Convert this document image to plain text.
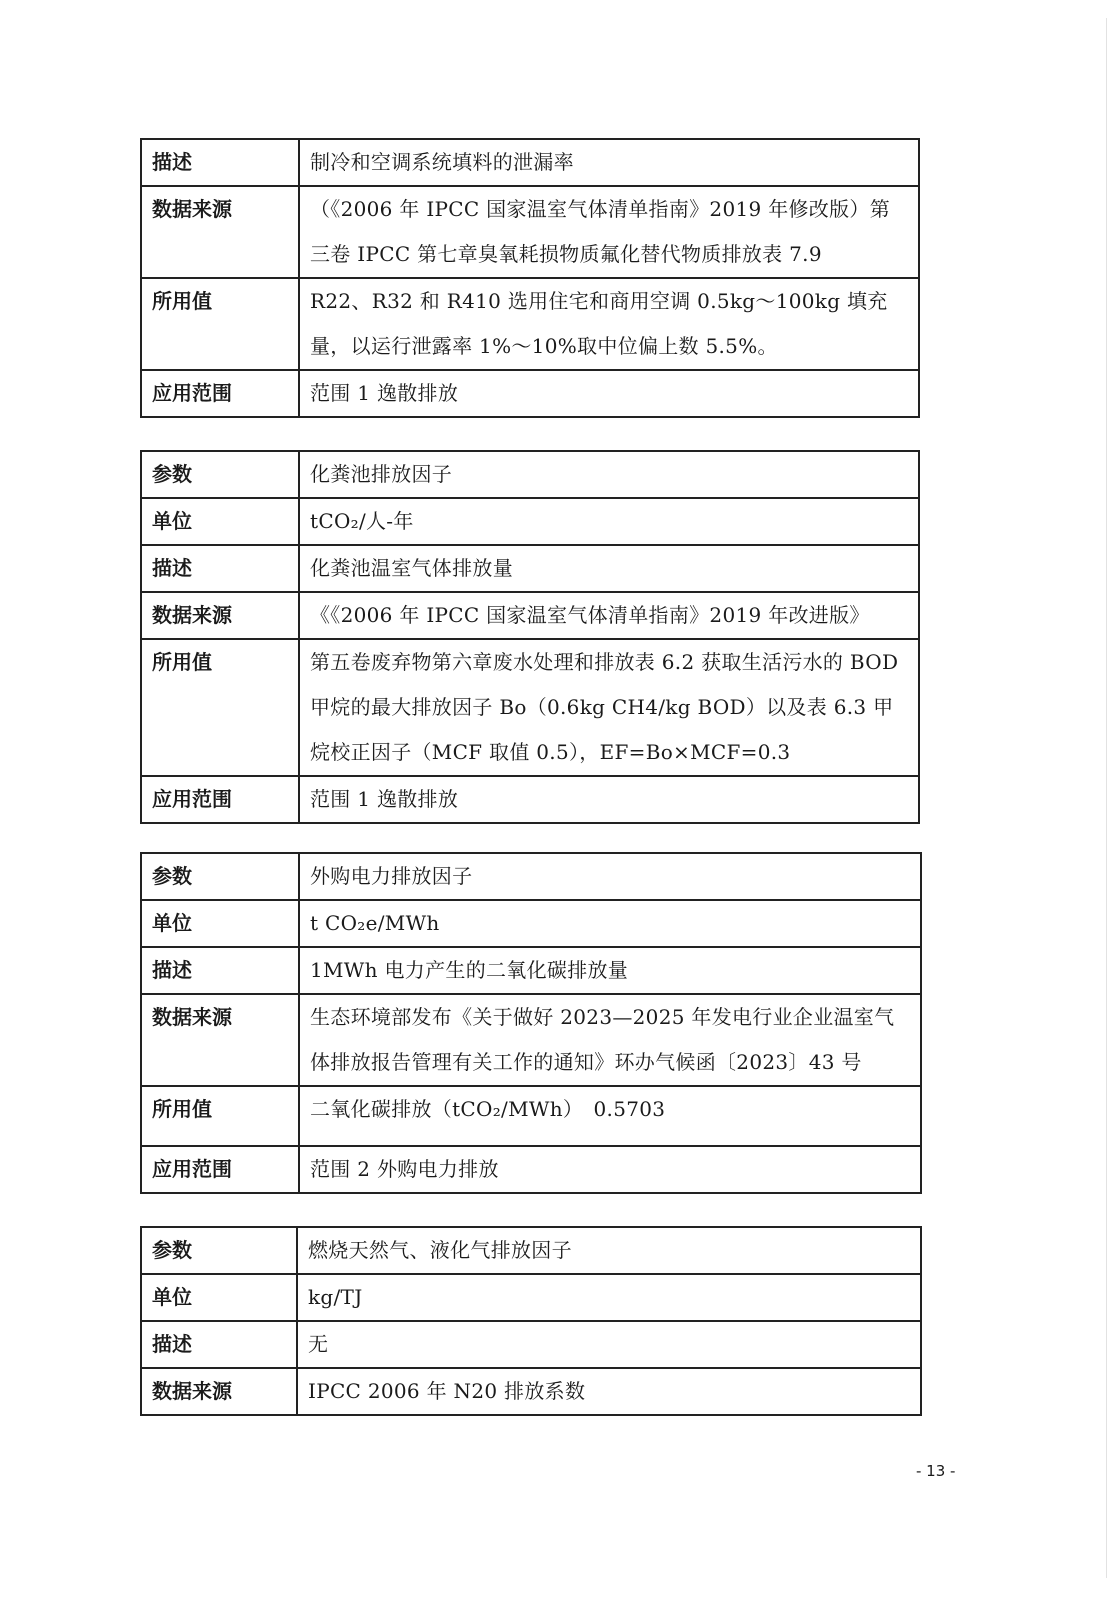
描述	制冷和空调系统填料的泄漏率
数据来源	（《2006 年 IPCC 国家温室气体清单指南》2019 年修改版）第三卷 IPCC 第七章臭氧耗损物质氟化替代物质排放表 7.9
所用值	R22、R32 和 R410 选用住宅和商用空调 0.5kg～100kg 填充量，以运行泄露率 1%～10%取中位偏上数 5.5%。
应用范围	范围 1 逸散排放
参数	化粪池排放因子
单位	tCO₂/人-年
描述	化粪池温室气体排放量
数据来源	《《2006 年 IPCC 国家温室气体清单指南》2019 年改进版》
所用值	第五卷废弃物第六章废水处理和排放表 6.2 获取生活污水的 BOD 甲烷的最大排放因子 Bo（0.6kg CH4/kg BOD）以及表 6.3 甲烷校正因子（MCF 取值 0.5），EF=Bo×MCF=0.3
应用范围	范围 1 逸散排放
参数	外购电力排放因子
单位	t CO₂e/MWh
描述	1MWh 电力产生的二氧化碳排放量
数据来源	生态环境部发布《关于做好 2023—2025 年发电行业企业温室气体排放报告管理有关工作的通知》环办气候函〔2023〕43 号
所用值	二氧化碳排放（tCO₂/MWh）　0.5703
应用范围	范围 2 外购电力排放
参数	燃烧天然气、液化气排放因子
单位	kg/TJ
描述	无
数据来源	IPCC 2006 年 N20 排放系数
- 13 -
